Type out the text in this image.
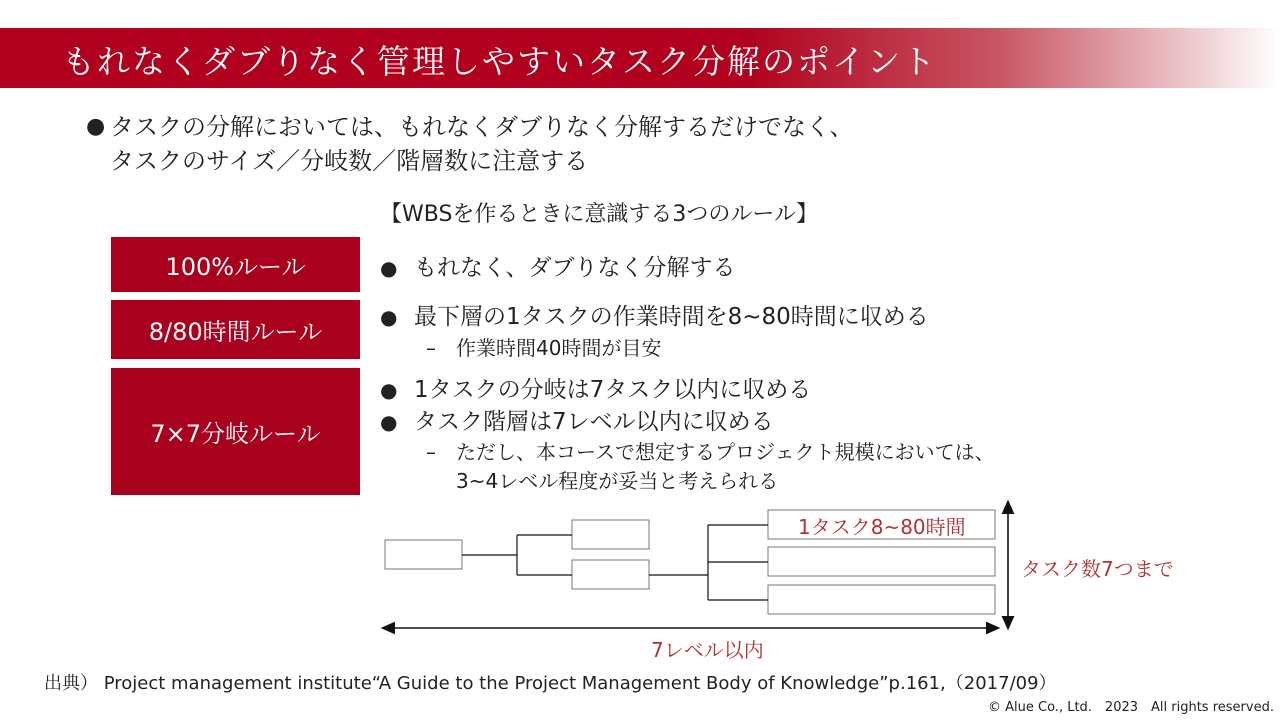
もれなくダブりなく管理しやすいタスク分解のポイント
● タスクの分解においては、もれなくダブりなく分解するだけでなく、
タスクのサイズ／分岐数／階層数に注意する
【WBSを作るときに意識する3つのルール】
100%ルール	● もれなく、ダブりなく分解する
8/80時間ルール
● 最下層の1タスクの作業時間を8~80時間に収める
– 作業時間40時間が目安
7×7分岐ルール
● 1タスクの分岐は7タスク以内に収める
● タスク階層は7レベル以内に収める
– ただし、本コースで想定するプロジェクト規模においては、
3~4レベル程度が妥当と考えられる
1タスク8~80時間
タスク数7つまで
7レベル以内
出典） Project management institute“A Guide to the Project Management Body of Knowledge”p.161,（2017/09）
© Alue Co., Ltd.　2023　All rights reserved.
